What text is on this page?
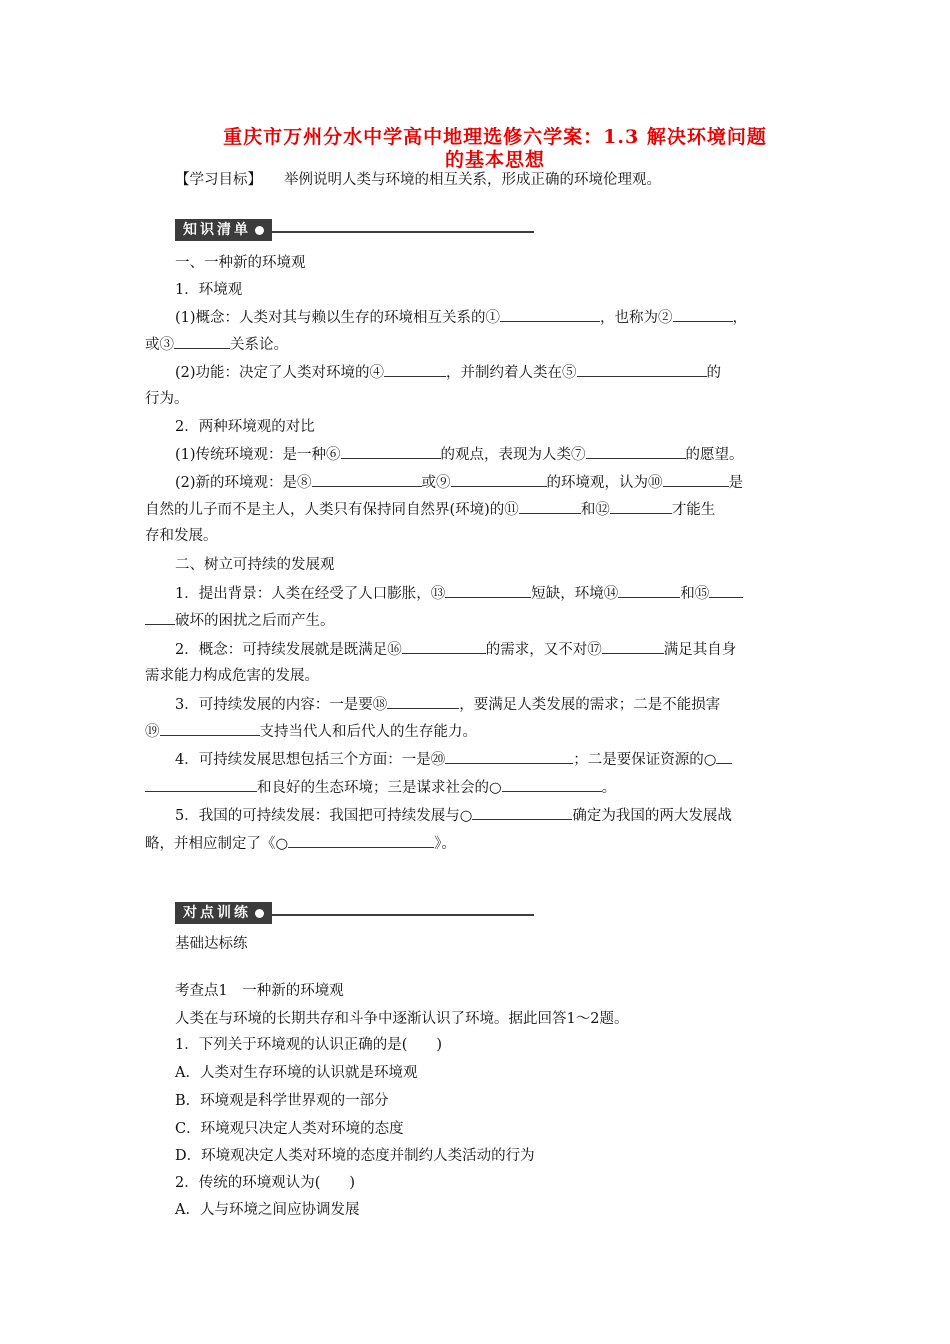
重庆市万州分水中学高中地理选修六学案：1.3 解决环境问题
的基本思想
【学习目标】 举例说明人类与环境的相互关系，形成正确的环境伦理观。
知识清单
一、一种新的环境观
1．环境观
(1)概念：人类对其与赖以生存的环境相互关系的①	，也称为②	，
或③	关系论。
(2)功能：决定了人类对环境的④	，并制约着人类在⑤	的
行为。
2．两种环境观的对比
(1)传统环境观：是一种⑥	的观点，表现为人类⑦	的愿望。
(2)新的环境观：是⑧	或⑨	的环境观，认为⑩	是
自然的儿子而不是主人，人类只有保持同自然界(环境)的⑪	和⑫	才能生
存和发展。
二、树立可持续的发展观
1．提出背景：人类在经受了人口膨胀，⑬	短缺，环境⑭	和⑮
破坏的困扰之后而产生。
2．概念：可持续发展就是既满足⑯	的需求，又不对⑰	满足其自身
需求能力构成危害的发展。
3．可持续发展的内容：一是要⑱	，要满足人类发展的需求；二是不能损害
⑲	支持当代人和后代人的生存能力。
4．可持续发展思想包括三个方面：一是⑳	；二是要保证资源的○
和良好的生态环境；三是谋求社会的○	。
5．我国的可持续发展：我国把可持续发展与○	确定为我国的两大发展战
略，并相应制定了《○	》。
对点训练
基础达标练
考查点1　一种新的环境观
人类在与环境的长期共存和斗争中逐渐认识了环境。据此回答1～2题。
1．下列关于环境观的认识正确的是(　　)
A．人类对生存环境的认识就是环境观
B．环境观是科学世界观的一部分
C．环境观只决定人类对环境的态度
D．环境观决定人类对环境的态度并制约人类活动的行为
2．传统的环境观认为(　　)
A．人与环境之间应协调发展
